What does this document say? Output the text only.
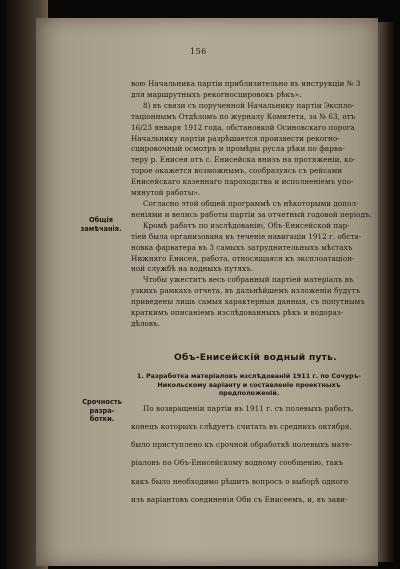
156

вою Начальника партiи приблизительно въ инструкцiи № 3

для маршрутныхъ рекогносцировокъ рѣкъ».

8) въ связи съ порученной Начальнику партiи Экспло-

тацiоннымъ Отдѣломъ по журналу Комитета, за № 63, отъ

16/23 января 1912 года, обстановкой Осиновскаго порога

Начальнику партiи разрѣшается произвести рекогно-

сцировочный осмотръ и промѣры русла рѣки по фарва-

теру р. Енисея отъ с. Енисейска внизъ на протяженiи, ко-

торое окажется возможнымъ, сообразуясь съ рейсами

Енисейскаго казеннаго пароходства и исполненiемъ упо-

мянутой работы».

Согласно этой общей программѣ съ нѣкоторыми допол-

ненiями и велись работы партiи за отчетный годовой перiодъ.

Кромѣ работъ по изслѣдованiю, Объ-Енисейской пар-

тiей была организована въ теченiе навигацiи 1912 г. обста-

новка фарватера въ 3 самыхъ затруднительныхъ мѣстахъ

Нижняго Енисея, работа, относящаяся къ эксплоатацiон-

ной службѣ на водныхъ путяхъ.

Чтобы ужеститъ весь собранный партiей матерiалъ въ

узкихъ рамкахъ отчета, въ дальнѣйшемъ изложенiи будутъ

приведены лишь самыя характерныя данныя, съ попутнымъ

краткимъ описанiемъ изслѣдованныхъ рѣкъ и водораз-

дѣловъ.

Общiя
замѣчанiя.
Объ-Енисейскiй водный путь.
1. Разработка матерiаловъ изслѣдованiй 1911 г. по Сочуръ-Никольскому варiанту и составленiе проектныхъ предположенiй.
Срочность
разра-
ботки.

По возвращенiи партiи въ 1911 г. съ полевыхъ работъ,

конецъ которыхъ слѣдуетъ считать въ среднихъ октября,

было приступлено къ срочной обработкѣ полевыхъ мате-

рiаловъ по Объ-Енисейскому водному сообщенiю, такъ

какъ было необходимо рѣшить вопросъ о выборѣ одного

изъ варiантовъ соединенiя Оби съ Енисеемъ, и, въ зави-
